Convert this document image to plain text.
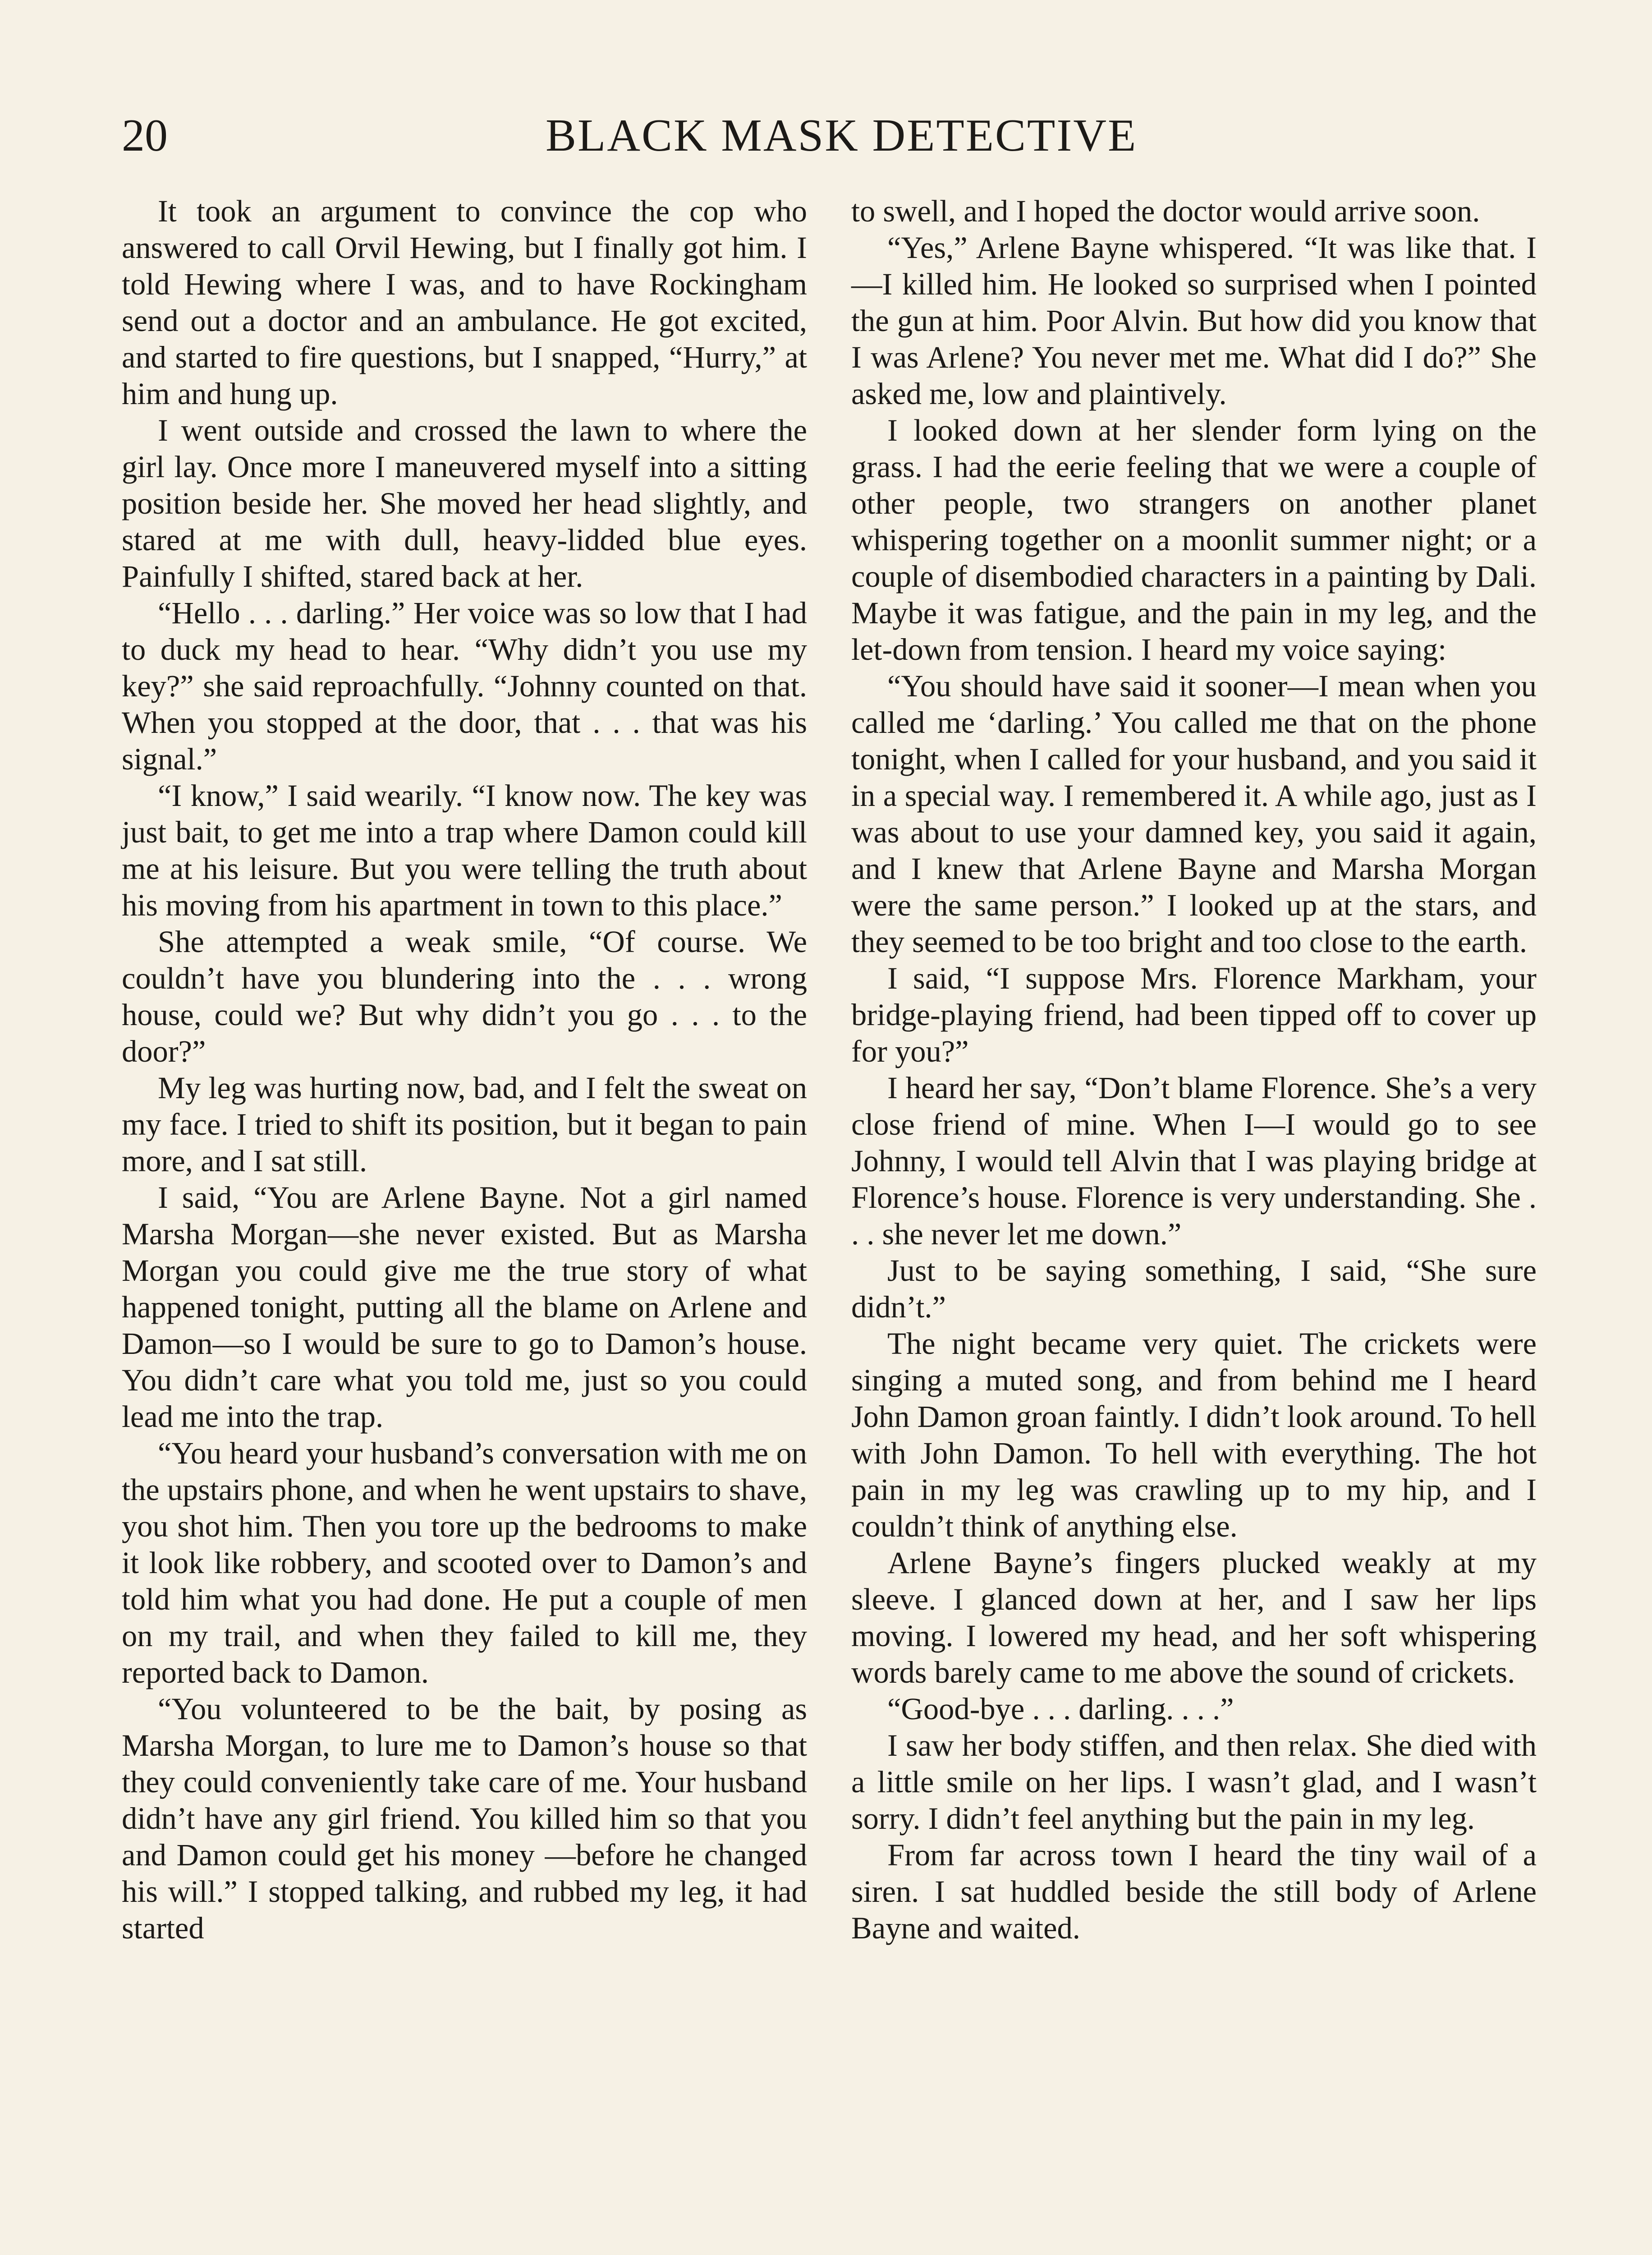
20	BLACK MASK DETECTIVE

It took an argument to convince the cop who answered to call Orvil Hewing, but I finally got him. I told Hewing where I was, and to have Rockingham send out a doctor and an ambulance. He got excited, and started to fire questions, but I snapped, “Hurry,” at him and hung up.

I went outside and crossed the lawn to where the girl lay. Once more I maneuvered myself into a sitting position beside her. She moved her head slightly, and stared at me with dull, heavy-lidded blue eyes. Painfully I shifted, stared back at her.

“Hello . . . darling.” Her voice was so low that I had to duck my head to hear. “Why didn’t you use my key?” she said reproachfully. “Johnny counted on that. When you stopped at the door, that . . . that was his signal.”

“I know,” I said wearily. “I know now. The key was just bait, to get me into a trap where Damon could kill me at his leisure. But you were telling the truth about his moving from his apartment in town to this place.”

She attempted a weak smile, “Of course. We couldn’t have you blundering into the . . . wrong house, could we? But why didn’t you go . . . to the door?”

My leg was hurting now, bad, and I felt the sweat on my face. I tried to shift its position, but it began to pain more, and I sat still.

I said, “You are Arlene Bayne. Not a girl named Marsha Morgan—she never existed. But as Marsha Morgan you could give me the true story of what happened tonight, putting all the blame on Arlene and Damon—so I would be sure to go to Damon’s house. You didn’t care what you told me, just so you could lead me into the trap.

“You heard your husband’s conversation with me on the upstairs phone, and when he went upstairs to shave, you shot him. Then you tore up the bedrooms to make it look like robbery, and scooted over to Damon’s and told him what you had done. He put a couple of men on my trail, and when they failed to kill me, they reported back to Damon.

“You volunteered to be the bait, by posing as Marsha Morgan, to lure me to Damon’s house so that they could conveniently take care of me. Your husband didn’t have any girl friend. You killed him so that you and Damon could get his money —before he changed his will.” I stopped talking, and rubbed my leg, it had started

to swell, and I hoped the doctor would arrive soon.

“Yes,” Arlene Bayne whispered. “It was like that. I—I killed him. He looked so surprised when I pointed the gun at him. Poor Alvin. But how did you know that I was Arlene? You never met me. What did I do?” She asked me, low and plaintively.

I looked down at her slender form lying on the grass. I had the eerie feeling that we were a couple of other people, two strangers on another planet whispering together on a moonlit summer night; or a couple of disembodied characters in a painting by Dali. Maybe it was fatigue, and the pain in my leg, and the let-down from tension. I heard my voice saying:

“You should have said it sooner—I mean when you called me ‘darling.’ You called me that on the phone tonight, when I called for your husband, and you said it in a special way. I remembered it. A while ago, just as I was about to use your damned key, you said it again, and I knew that Arlene Bayne and Marsha Morgan were the same person.” I looked up at the stars, and they seemed to be too bright and too close to the earth.

I said, “I suppose Mrs. Florence Markham, your bridge-playing friend, had been tipped off to cover up for you?”

I heard her say, “Don’t blame Florence. She’s a very close friend of mine. When I—I would go to see Johnny, I would tell Alvin that I was playing bridge at Florence’s house. Florence is very understanding. She . . . she never let me down.”

Just to be saying something, I said, “She sure didn’t.”

The night became very quiet. The crickets were singing a muted song, and from behind me I heard John Damon groan faintly. I didn’t look around. To hell with John Damon. To hell with everything. The hot pain in my leg was crawling up to my hip, and I couldn’t think of anything else.

Arlene Bayne’s fingers plucked weakly at my sleeve. I glanced down at her, and I saw her lips moving. I lowered my head, and her soft whispering words barely came to me above the sound of crickets.

“Good-bye . . . darling. . . .”

I saw her body stiffen, and then relax. She died with a little smile on her lips. I wasn’t glad, and I wasn’t sorry. I didn’t feel anything but the pain in my leg.

From far across town I heard the tiny wail of a siren. I sat huddled beside the still body of Arlene Bayne and waited.
